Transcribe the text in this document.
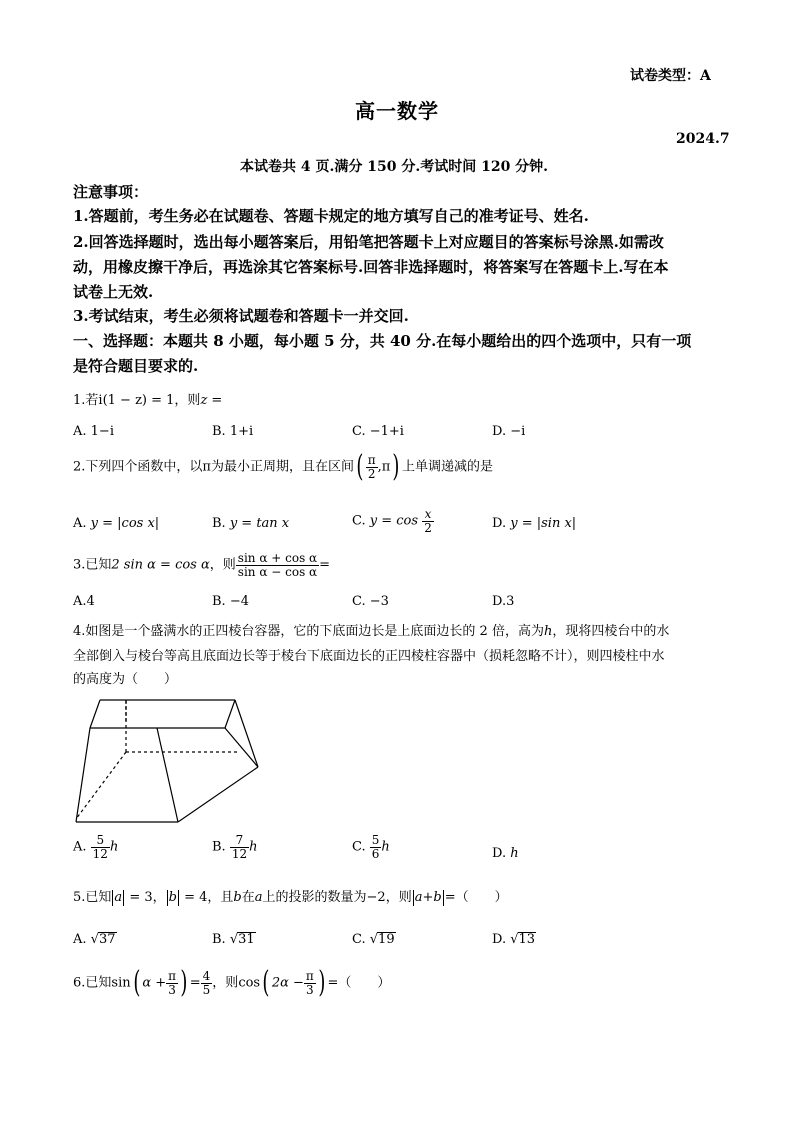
试卷类型：A
高一数学
2024.7
本试卷共 4 页.满分 150 分.考试时间 120 分钟.
注意事项：
1.答题前，考生务必在试题卷、答题卡规定的地方填写自己的准考证号、姓名.
2.回答选择题时，选出每小题答案后，用铅笔把答题卡上对应题目的答案标号涂黑.如需改
动，用橡皮擦干净后，再选涂其它答案标号.回答非选择题时，将答案写在答题卡上.写在本
试卷上无效.
3.考试结束，考生必须将试题卷和答题卡一并交回.
一、选择题：本题共 8 小题，每小题 5 分，共 40 分.在每小题给出的四个选项中，只有一项
是符合题目要求的.
1.若i(1 − z) = 1，则z =
A. 1−i	B. 1+i	C. −1+i	D. −i
2.下列四个函数中，以π为最小正周期，且在区间( $\frac{\pi}{2} ,\pi$) 上单调递减的是
A. y = |cos x|	B. y = tan x	C. $y = \cos \frac{x}{2}$	D. y = |sin x|
3.已知2 sin α = cos α，则 $\frac{\text{sin α + cos α}}{\text{sin α − cos α}}$ =
A.4	B. −4	C. −3	D.3
4.如图是一个盛满水的正四棱台容器，它的下底面边长是上底面边长的 2 倍，高为h，现将四棱台中的水
全部倒入与棱台等高且底面边长等于棱台下底面边长的正四棱柱容器中（损耗忽略不计），则四棱柱中水
的高度为（　　）
A. $\frac{5}{12}$ h	B. $\frac{7}{12}$ h	C. $\frac{5}{6}$ h	D. h
5.已知 a = 3， b = 4，且b在a上的投影的数量为−2，则 a+b =（　　）
A. √37	B. √31	C. √19	D. √13
6.已知sin( $\alpha + \frac{\pi}{3}$ ) = $\frac{4}{5}$ ，则cos( $2\alpha - \frac{\pi}{3}$ ) =（　　）
